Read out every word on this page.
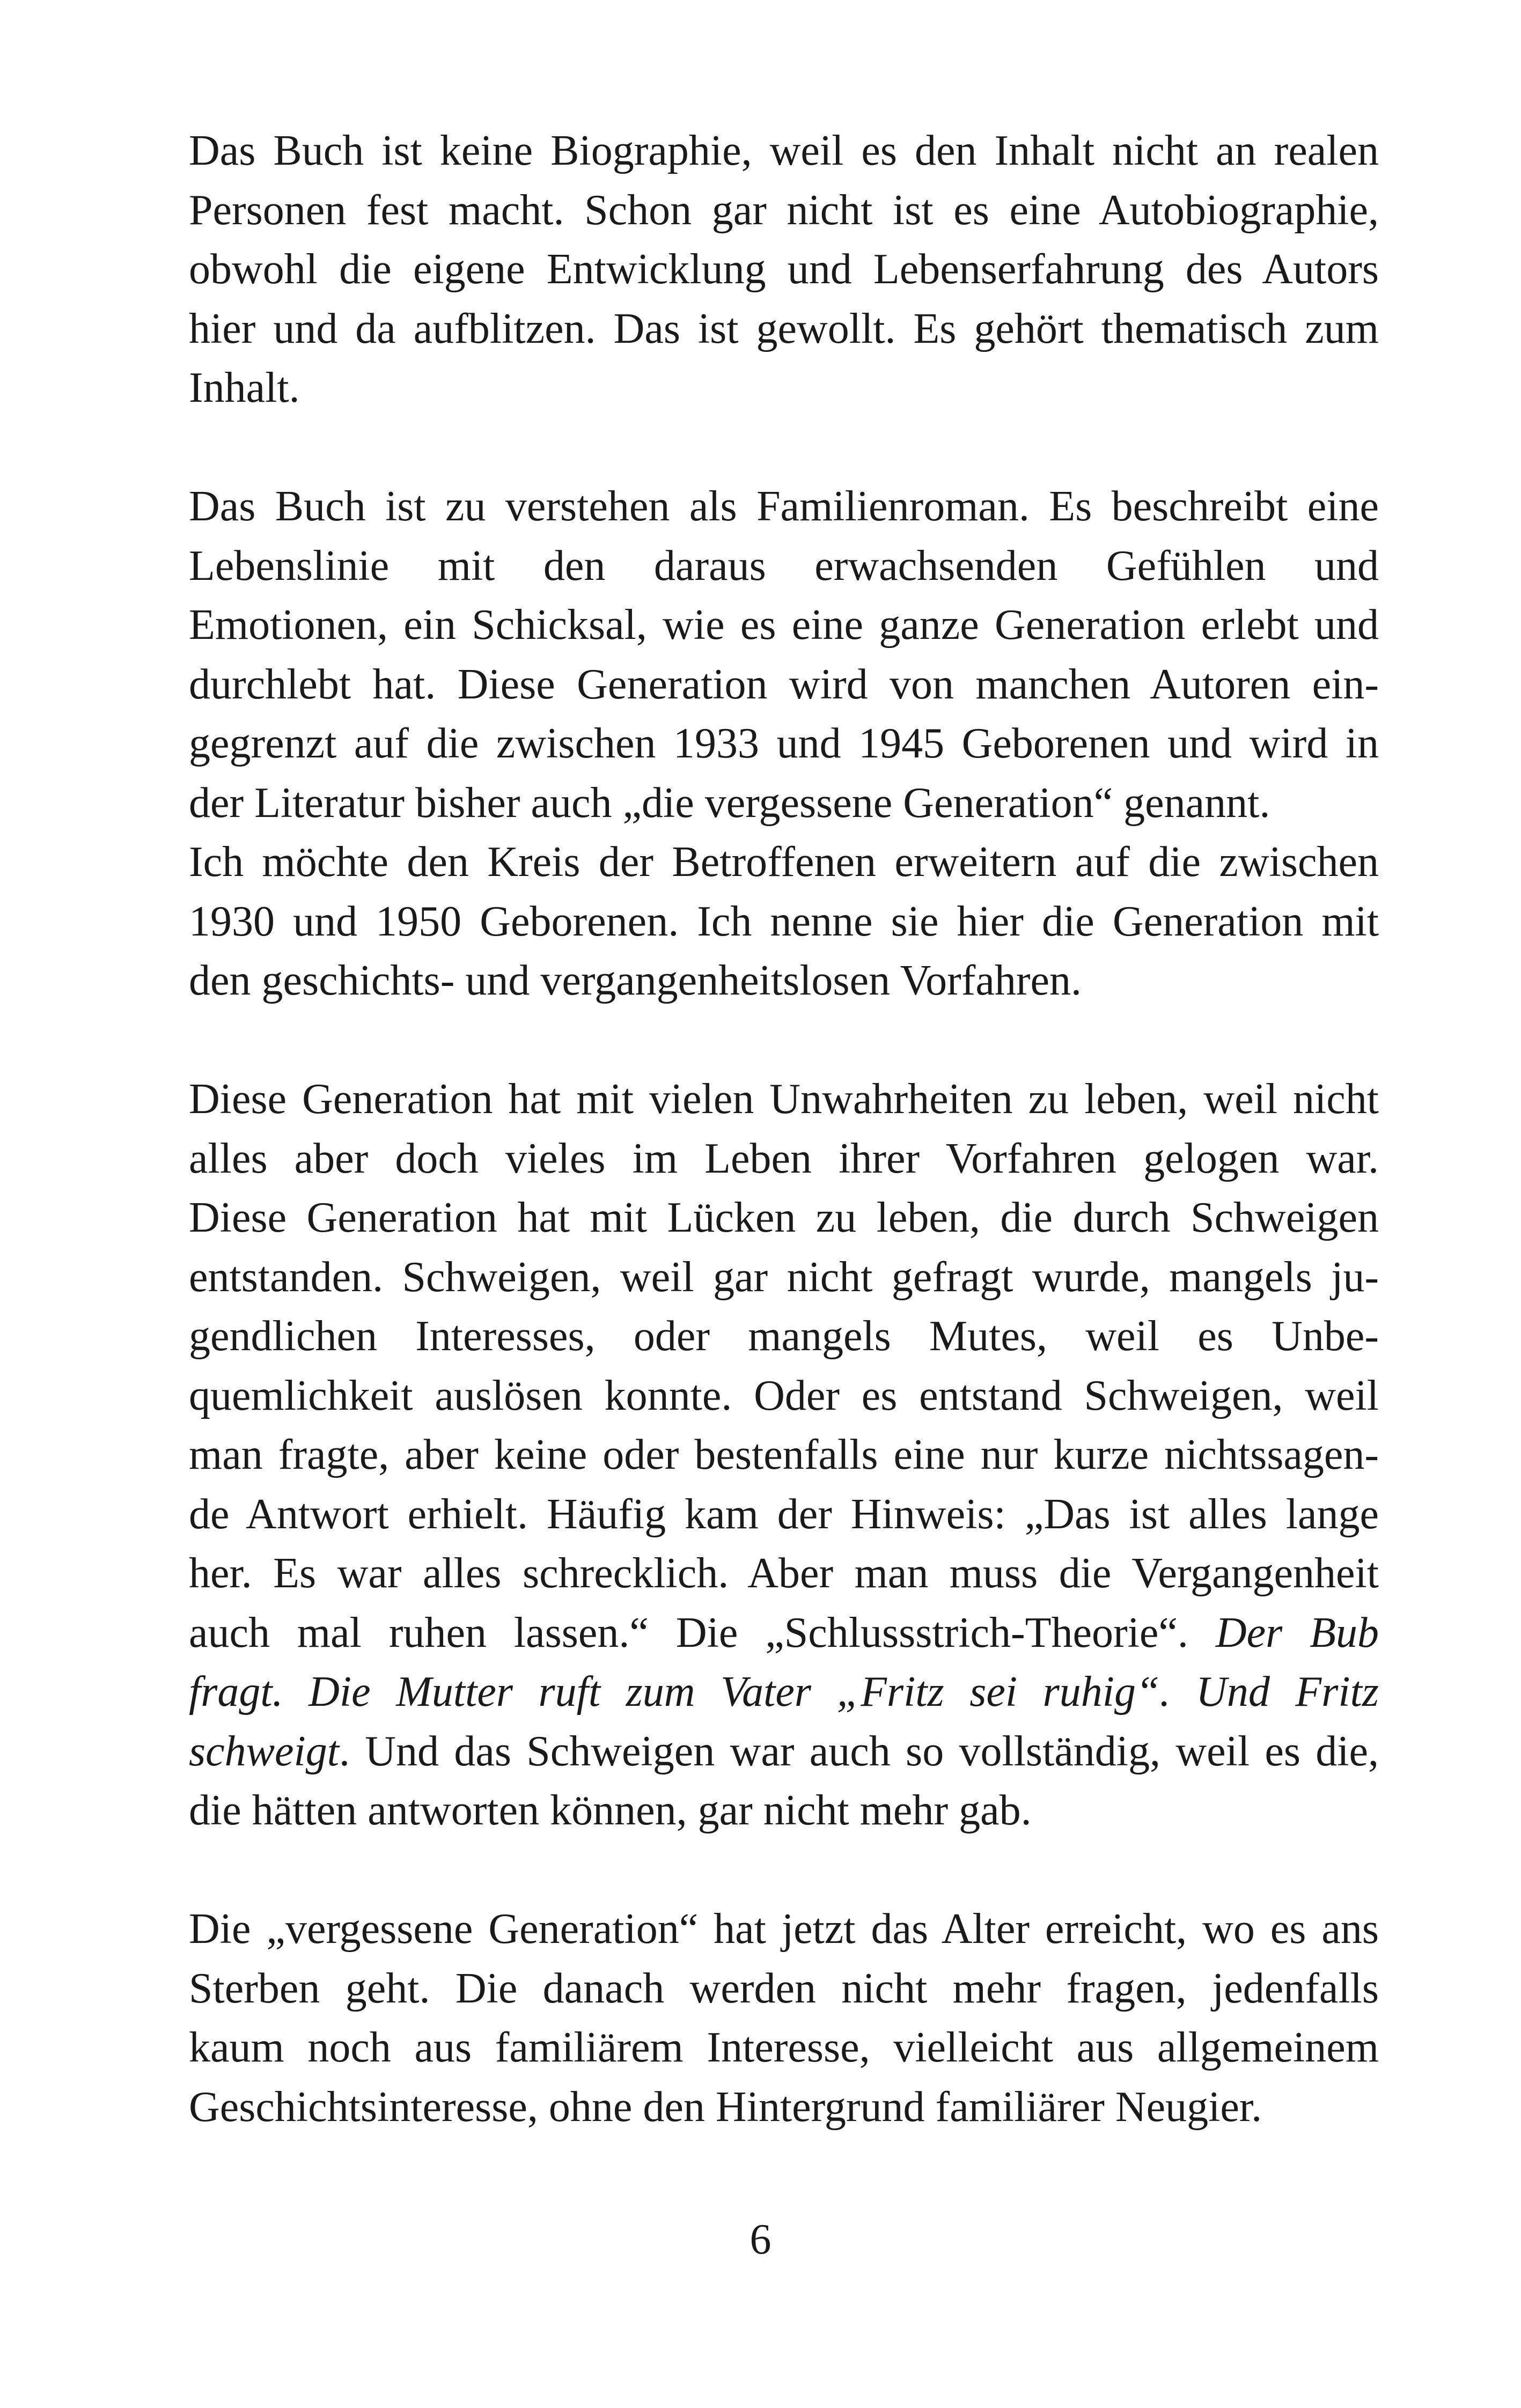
Das Buch ist keine Biographie, weil es den Inhalt nicht an realen
Personen fest macht. Schon gar nicht ist es eine Autobiographie,
obwohl die eigene Entwicklung und Lebenserfahrung des Autors
hier und da aufblitzen. Das ist gewollt. Es gehört thematisch zum
Inhalt.
Das Buch ist zu verstehen als Familienroman. Es beschreibt eine
Lebenslinie mit den daraus erwachsenden Gefühlen und
Emotionen, ein Schicksal, wie es eine ganze Generation erlebt und
durchlebt hat. Diese Generation wird von manchen Autoren ein-
gegrenzt auf die zwischen 1933 und 1945 Geborenen und wird in
der Literatur bisher auch „die vergessene Generation“ genannt.
Ich möchte den Kreis der Betroffenen erweitern auf die zwischen
1930 und 1950 Geborenen. Ich nenne sie hier die Generation mit
den geschichts- und vergangenheitslosen Vorfahren.
Diese Generation hat mit vielen Unwahrheiten zu leben, weil nicht
alles aber doch vieles im Leben ihrer Vorfahren gelogen war.
Diese Generation hat mit Lücken zu leben, die durch Schweigen
entstanden. Schweigen, weil gar nicht gefragt wurde, mangels ju-
gendlichen Interesses, oder mangels Mutes, weil es Unbe-
quemlichkeit auslösen konnte. Oder es entstand Schweigen, weil
man fragte, aber keine oder bestenfalls eine nur kurze nichtssagen-
de Antwort erhielt. Häufig kam der Hinweis: „Das ist alles lange
her. Es war alles schrecklich. Aber man muss die Vergangenheit
auch mal ruhen lassen.“ Die „Schlussstrich-Theorie“. Der Bub
fragt. Die Mutter ruft zum Vater „Fritz sei ruhig“. Und Fritz
schweigt. Und das Schweigen war auch so vollständig, weil es die,
die hätten antworten können, gar nicht mehr gab.
Die „vergessene Generation“ hat jetzt das Alter erreicht, wo es ans
Sterben geht. Die danach werden nicht mehr fragen, jedenfalls
kaum noch aus familiärem Interesse, vielleicht aus allgemeinem
Geschichtsinteresse, ohne den Hintergrund familiärer Neugier.
6
